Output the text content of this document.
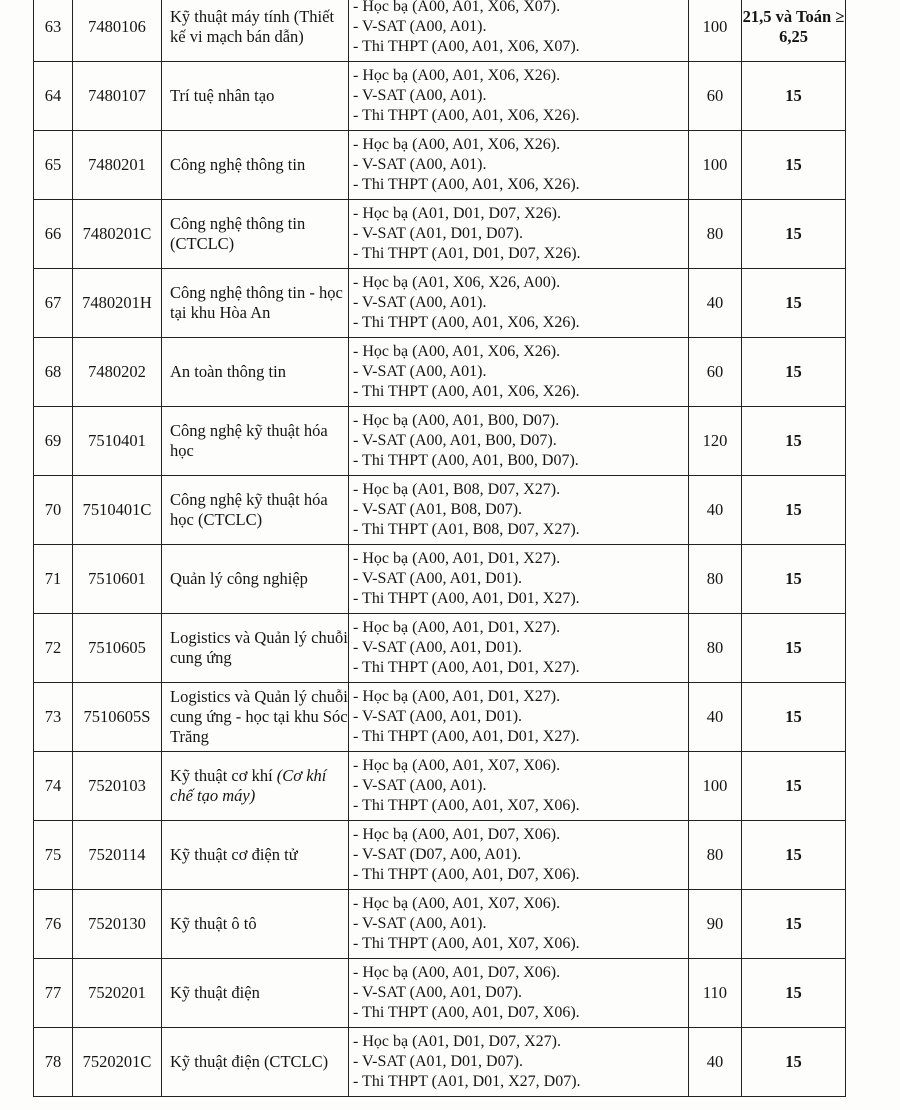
63	7480106	Kỹ thuật máy tính (Thiết kế vi mạch bán dẫn)	- Học bạ (A00, A01, X06, X07).
- V-SAT (A00, A01).
- Thi THPT (A00, A01, X06, X07).	100	21,5 và Toán ≥ 6,25
64	7480107	Trí tuệ nhân tạo	- Học bạ (A00, A01, X06, X26).
- V-SAT (A00, A01).
- Thi THPT (A00, A01, X06, X26).	60	15
65	7480201	Công nghệ thông tin	- Học bạ (A00, A01, X06, X26).
- V-SAT (A00, A01).
- Thi THPT (A00, A01, X06, X26).	100	15
66	7480201C	Công nghệ thông tin (CTCLC)	- Học bạ (A01, D01, D07, X26).
- V-SAT (A01, D01, D07).
- Thi THPT (A01, D01, D07, X26).	80	15
67	7480201H	Công nghệ thông tin - học tại khu Hòa An	- Học bạ (A01, X06, X26, A00).
- V-SAT (A00, A01).
- Thi THPT (A00, A01, X06, X26).	40	15
68	7480202	An toàn thông tin	- Học bạ (A00, A01, X06, X26).
- V-SAT (A00, A01).
- Thi THPT (A00, A01, X06, X26).	60	15
69	7510401	Công nghệ kỹ thuật hóa học	- Học bạ (A00, A01, B00, D07).
- V-SAT (A00, A01, B00, D07).
- Thi THPT (A00, A01, B00, D07).	120	15
70	7510401C	Công nghệ kỹ thuật hóa học (CTCLC)	- Học bạ (A01, B08, D07, X27).
- V-SAT (A01, B08, D07).
- Thi THPT (A01, B08, D07, X27).	40	15
71	7510601	Quản lý công nghiệp	- Học bạ (A00, A01, D01, X27).
- V-SAT (A00, A01, D01).
- Thi THPT (A00, A01, D01, X27).	80	15
72	7510605	Logistics và Quản lý chuỗi cung ứng	- Học bạ (A00, A01, D01, X27).
- V-SAT (A00, A01, D01).
- Thi THPT (A00, A01, D01, X27).	80	15
73	7510605S	Logistics và Quản lý chuỗi cung ứng - học tại khu Sóc Trăng	- Học bạ (A00, A01, D01, X27).
- V-SAT (A00, A01, D01).
- Thi THPT (A00, A01, D01, X27).	40	15
74	7520103	Kỹ thuật cơ khí (Cơ khí chế tạo máy)	- Học bạ (A00, A01, X07, X06).
- V-SAT (A00, A01).
- Thi THPT (A00, A01, X07, X06).	100	15
75	7520114	Kỹ thuật cơ điện tử	- Học bạ (A00, A01, D07, X06).
- V-SAT (D07, A00, A01).
- Thi THPT (A00, A01, D07, X06).	80	15
76	7520130	Kỹ thuật ô tô	- Học bạ (A00, A01, X07, X06).
- V-SAT (A00, A01).
- Thi THPT (A00, A01, X07, X06).	90	15
77	7520201	Kỹ thuật điện	- Học bạ (A00, A01, D07, X06).
- V-SAT (A00, A01, D07).
- Thi THPT (A00, A01, D07, X06).	110	15
78	7520201C	Kỹ thuật điện (CTCLC)	- Học bạ (A01, D01, D07, X27).
- V-SAT (A01, D01, D07).
- Thi THPT (A01, D01, X27, D07).	40	15
